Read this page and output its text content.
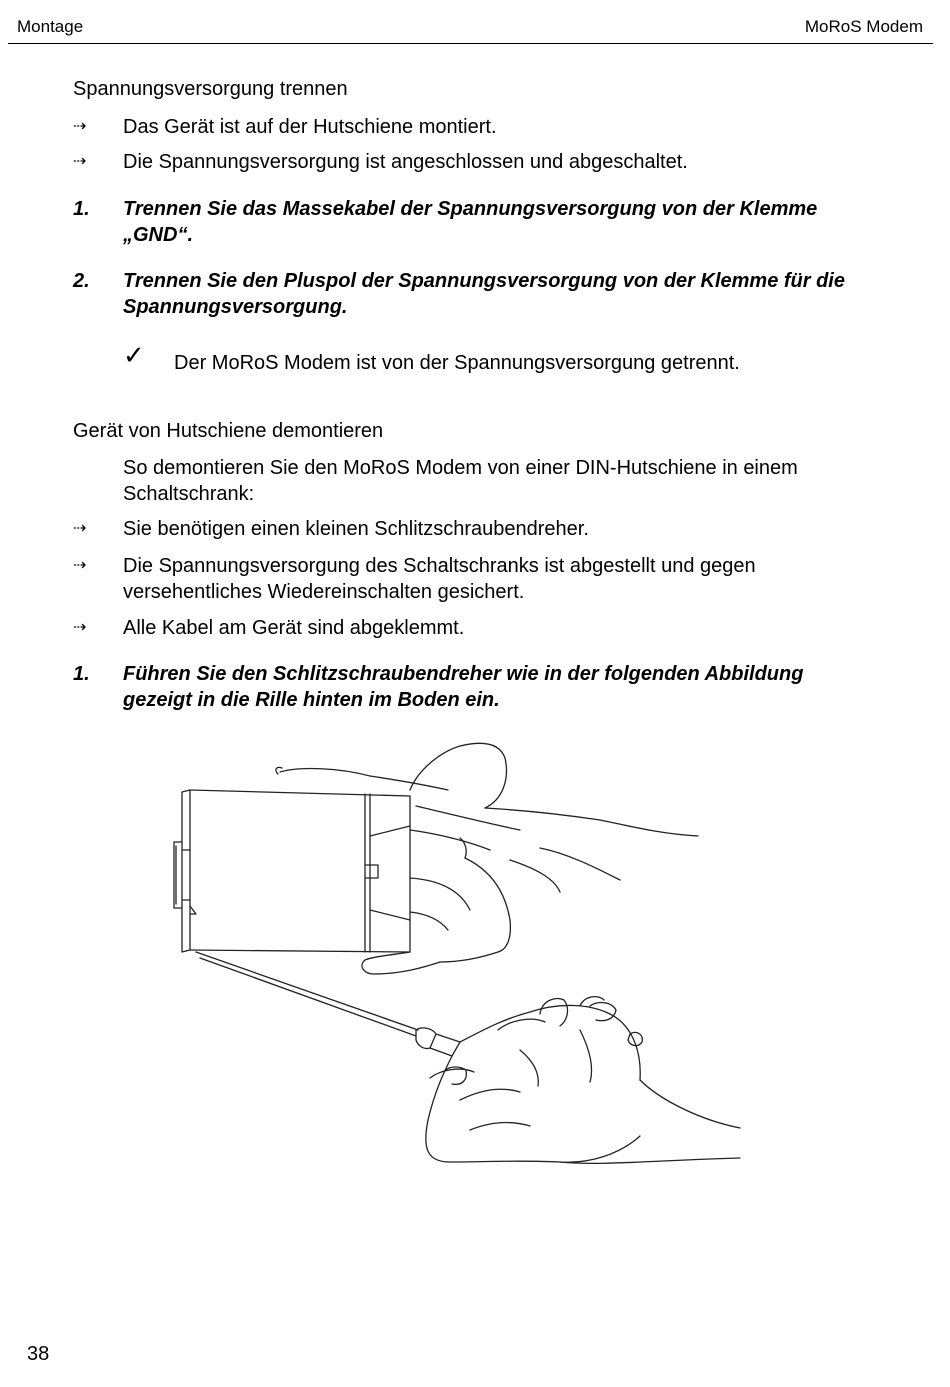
Montage	MoRoS Modem
Spannungsversorgung trennen
⇢ Das Gerät ist auf der Hutschiene montiert.
⇢ Die Spannungsversorgung ist angeschlossen und abgeschaltet.
1. Trennen Sie das Massekabel der Spannungsversorgung von der Klemme „GND“.
2. Trennen Sie den Pluspol der Spannungsversorgung von der Klemme für die Spannungsversorgung.
✓ Der MoRoS Modem ist von der Spannungsversorgung getrennt.
Gerät von Hutschiene demontieren
So demontieren Sie den MoRoS Modem von einer DIN-Hutschiene in einem Schaltschrank:
⇢ Sie benötigen einen kleinen Schlitzschraubendreher.
⇢ Die Spannungsversorgung des Schaltschranks ist abgestellt und gegen versehentliches Wiedereinschalten gesichert.
⇢ Alle Kabel am Gerät sind abgeklemmt.
1. Führen Sie den Schlitzschraubendreher wie in der folgenden Abbildung gezeigt in die Rille hinten im Boden ein.
38
